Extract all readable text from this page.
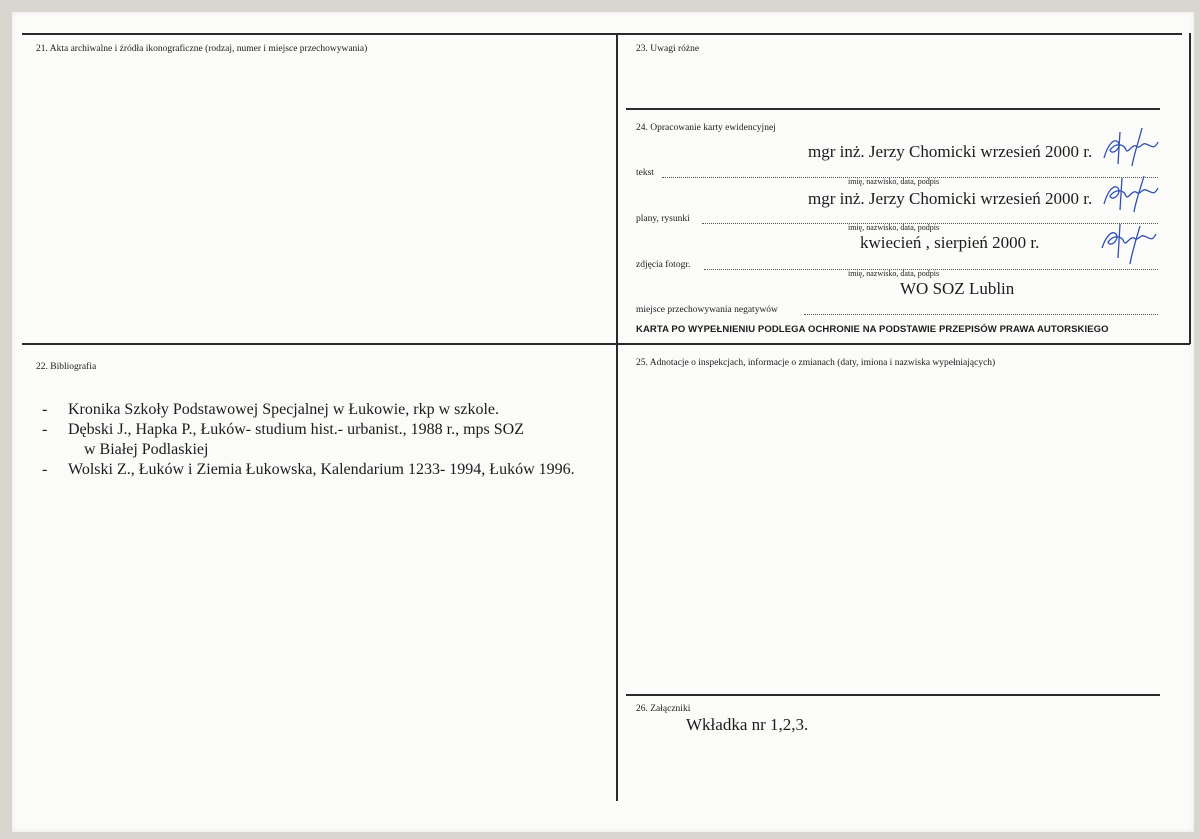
21. Akta archiwalne i źródła ikonograficzne (rodzaj, numer i miejsce przechowywania)	23. Uwagi różne
24. Opracowanie karty ewidencyjnej
mgr inż. Jerzy Chomicki wrzesień 2000 r.
tekst
imię, nazwisko, data, podpis
mgr inż. Jerzy Chomicki wrzesień 2000 r.
plany, rysunki
imię, nazwisko, data, podpis
kwiecień , sierpień 2000 r.
zdjęcia fotogr.
imię, nazwisko, data, podpis
WO SOZ Lublin
miejsce przechowywania negatywów
KARTA PO WYPEŁNIENIU PODLEGA OCHRONIE NA PODSTAWIE PRZEPISÓW PRAWA AUTORSKIEGO
22. Bibliografia
- Kronika Szkoły Podstawowej Specjalnej w Łukowie, rkp w szkole.
- Dębski J., Hapka P., Łuków- studium hist.- urbanist., 1988 r., mps SOZ
w Białej Podlaskiej
- Wolski Z., Łuków i Ziemia Łukowska, Kalendarium 1233- 1994, Łuków 1996.
25. Adnotacje o inspekcjach, informacje o zmianach (daty, imiona i nazwiska wypełniających)
26. Załączniki
Wkładka nr 1,2,3.
